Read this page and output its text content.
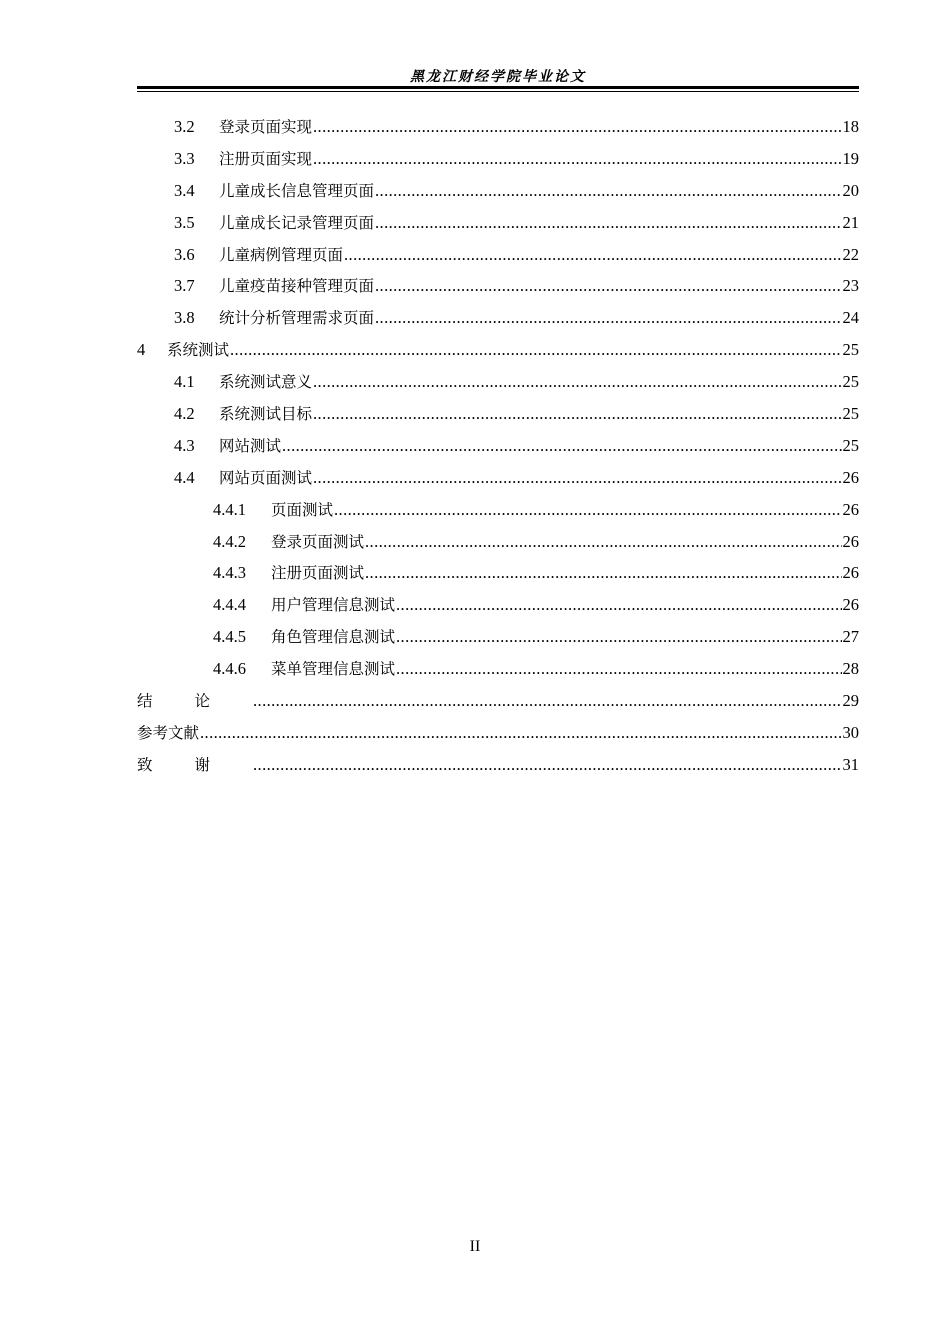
黑龙江财经学院毕业论文
3.2	登录页面实现 .....	18
3.3	注册页面实现 .....	19
3.4	儿童成长信息管理页面 .....	20
3.5	儿童成长记录管理页面 .....	21
3.6	儿童病例管理页面 .....	22
3.7	儿童疫苗接种管理页面 .....	23
3.8	统计分析管理需求页面 .....	24
4	系统测试 .....	25
4.1	系统测试意义 .....	25
4.2	系统测试目标 .....	25
4.3	网站测试 .....	25
4.4	网站页面测试 .....	26
4.4.1	页面测试 .....	26
4.4.2	登录页面测试 .....	26
4.4.3	注册页面测试 .....	26
4.4.4	用户管理信息测试 .....	26
4.4.5	角色管理信息测试 .....	27
4.4.6	菜单管理信息测试 .....	28
结论 .....	29
参考文献 .....	30
致谢 .....	31
II
